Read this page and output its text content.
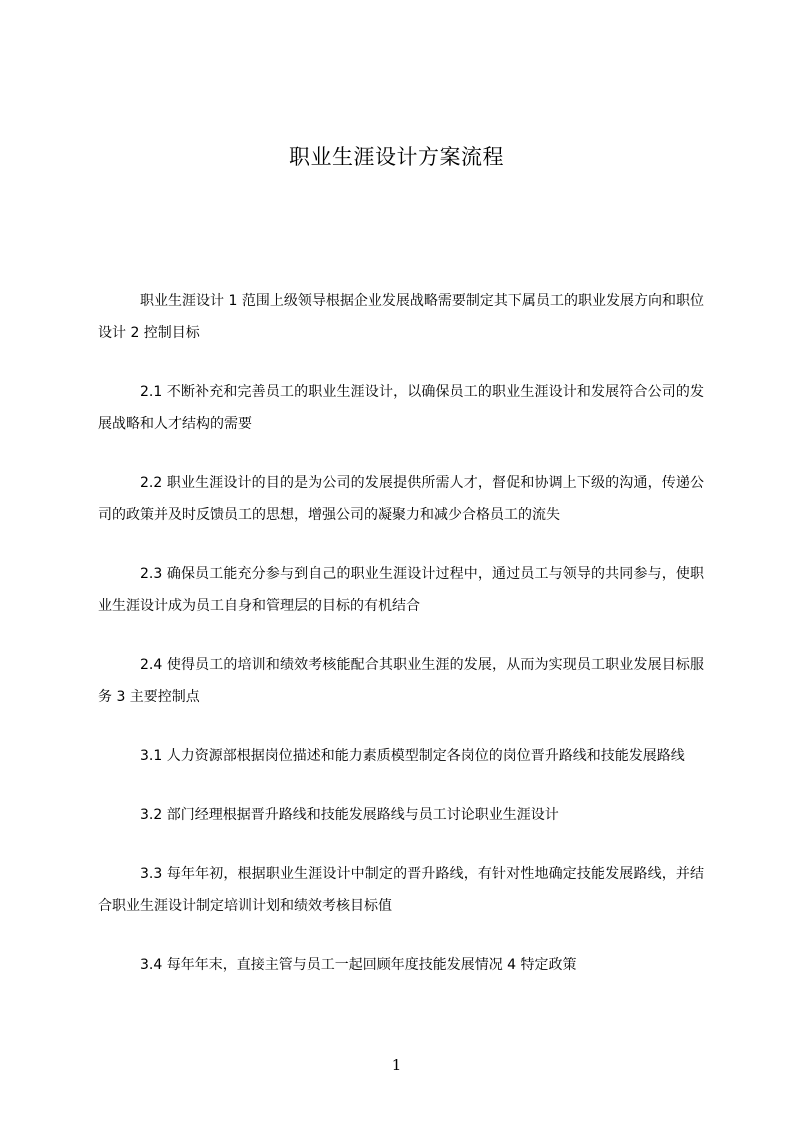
职业生涯设计方案流程

职业生涯设计 1 范围上级领导根据企业发展战略需要制定其下属员工的职业发展方向和职位设计 2 控制目标

2.1 不断补充和完善员工的职业生涯设计，以确保员工的职业生涯设计和发展符合公司的发展战略和人才结构的需要

2.2 职业生涯设计的目的是为公司的发展提供所需人才，督促和协调上下级的沟通，传递公司的政策并及时反馈员工的思想，增强公司的凝聚力和减少合格员工的流失

2.3 确保员工能充分参与到自己的职业生涯设计过程中，通过员工与领导的共同参与，使职业生涯设计成为员工自身和管理层的目标的有机结合

2.4 使得员工的培训和绩效考核能配合其职业生涯的发展，从而为实现员工职业发展目标服务 3 主要控制点

3.1 人力资源部根据岗位描述和能力素质模型制定各岗位的岗位晋升路线和技能发展路线

3.2 部门经理根据晋升路线和技能发展路线与员工讨论职业生涯设计

3.3 每年年初，根据职业生涯设计中制定的晋升路线，有针对性地确定技能发展路线，并结合职业生涯设计制定培训计划和绩效考核目标值

3.4 每年年末，直接主管与员工一起回顾年度技能发展情况 4 特定政策

1
